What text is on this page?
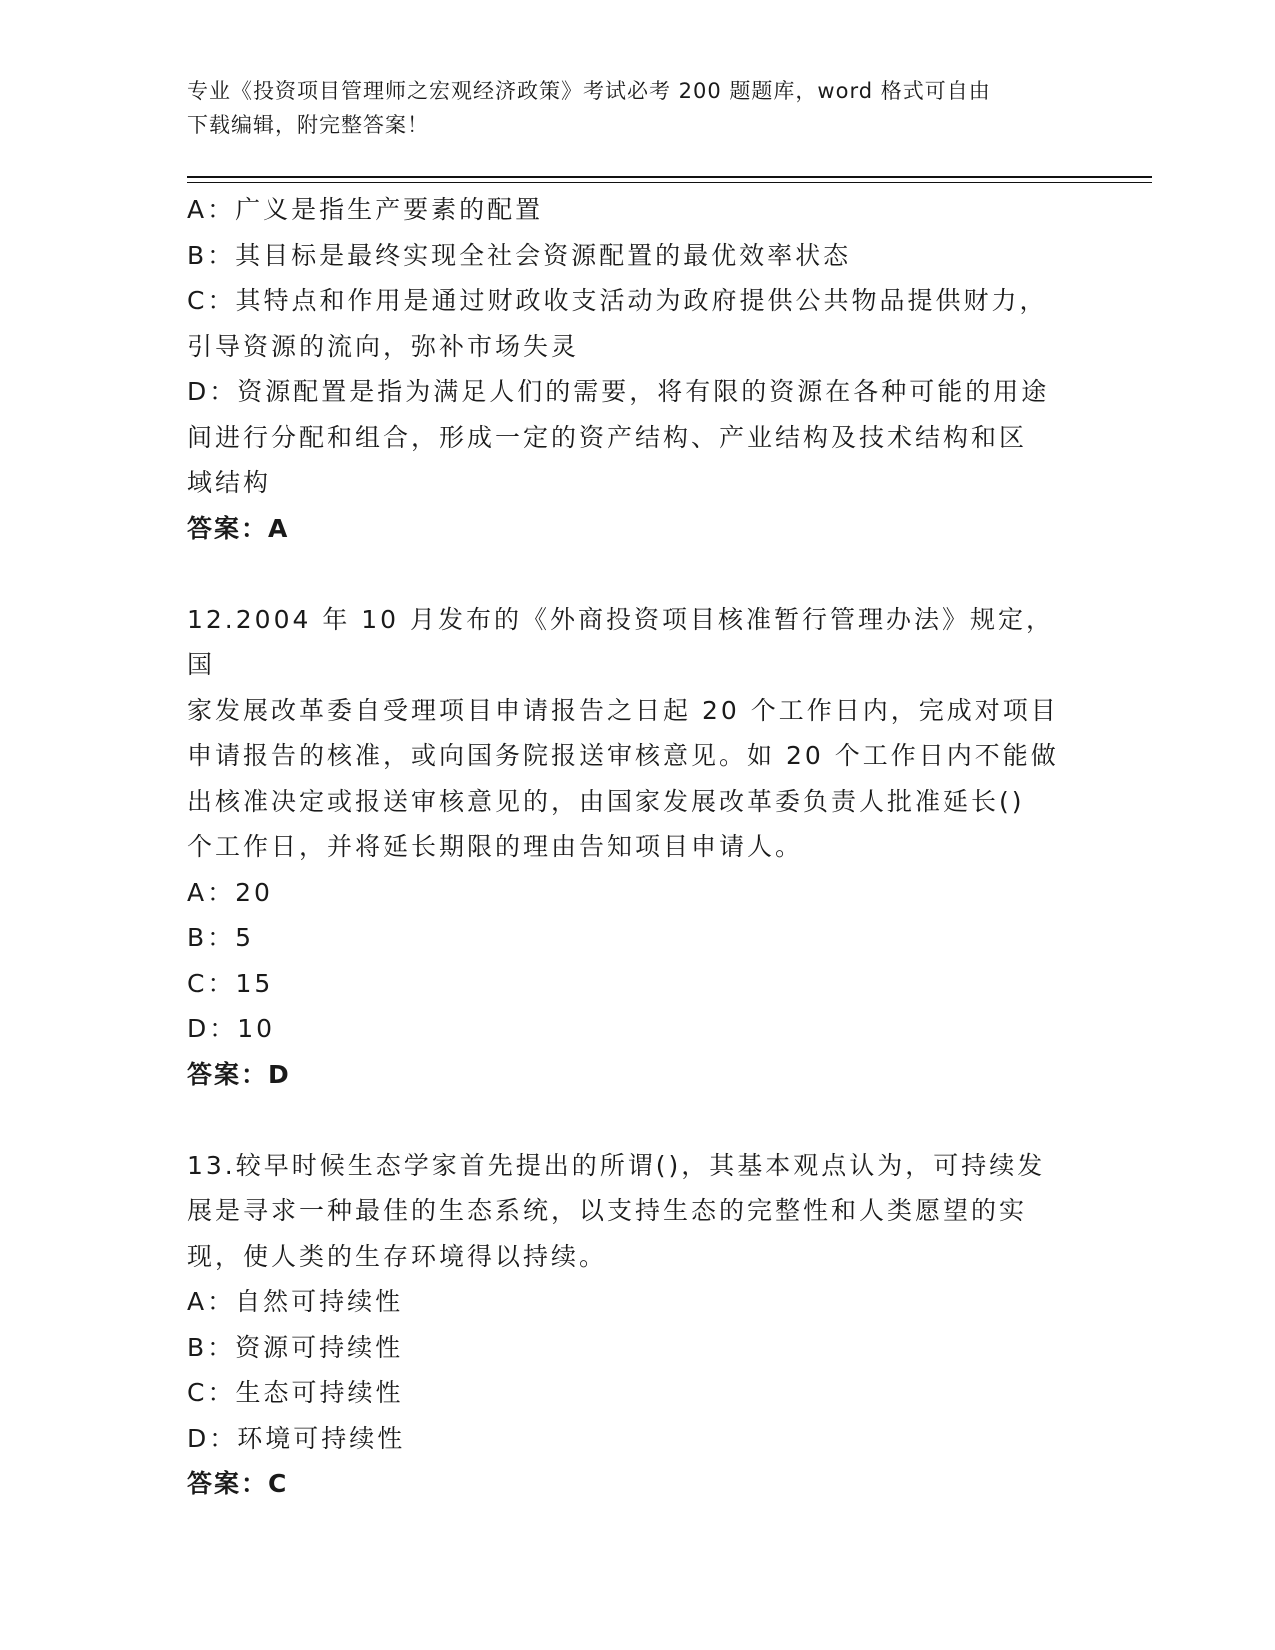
专业《投资项目管理师之宏观经济政策》考试必考 200 题题库，word 格式可自由
下载编辑，附完整答案！
A：广义是指生产要素的配置
B：其目标是最终实现全社会资源配置的最优效率状态
C：其特点和作用是通过财政收支活动为政府提供公共物品提供财力，
引导资源的流向，弥补市场失灵
D：资源配置是指为满足人们的需要，将有限的资源在各种可能的用途
间进行分配和组合，形成一定的资产结构、产业结构及技术结构和区
域结构
答案：A
12.2004 年 10 月发布的《外商投资项目核准暂行管理办法》规定，国
家发展改革委自受理项目申请报告之日起 20 个工作日内，完成对项目
申请报告的核准，或向国务院报送审核意见。如 20 个工作日内不能做
出核准决定或报送审核意见的，由国家发展改革委负责人批准延长()
个工作日，并将延长期限的理由告知项目申请人。
A：20
B：5
C：15
D：10
答案：D
13.较早时候生态学家首先提出的所谓()，其基本观点认为，可持续发
展是寻求一种最佳的生态系统，以支持生态的完整性和人类愿望的实
现，使人类的生存环境得以持续。
A：自然可持续性
B：资源可持续性
C：生态可持续性
D：环境可持续性
答案：C
